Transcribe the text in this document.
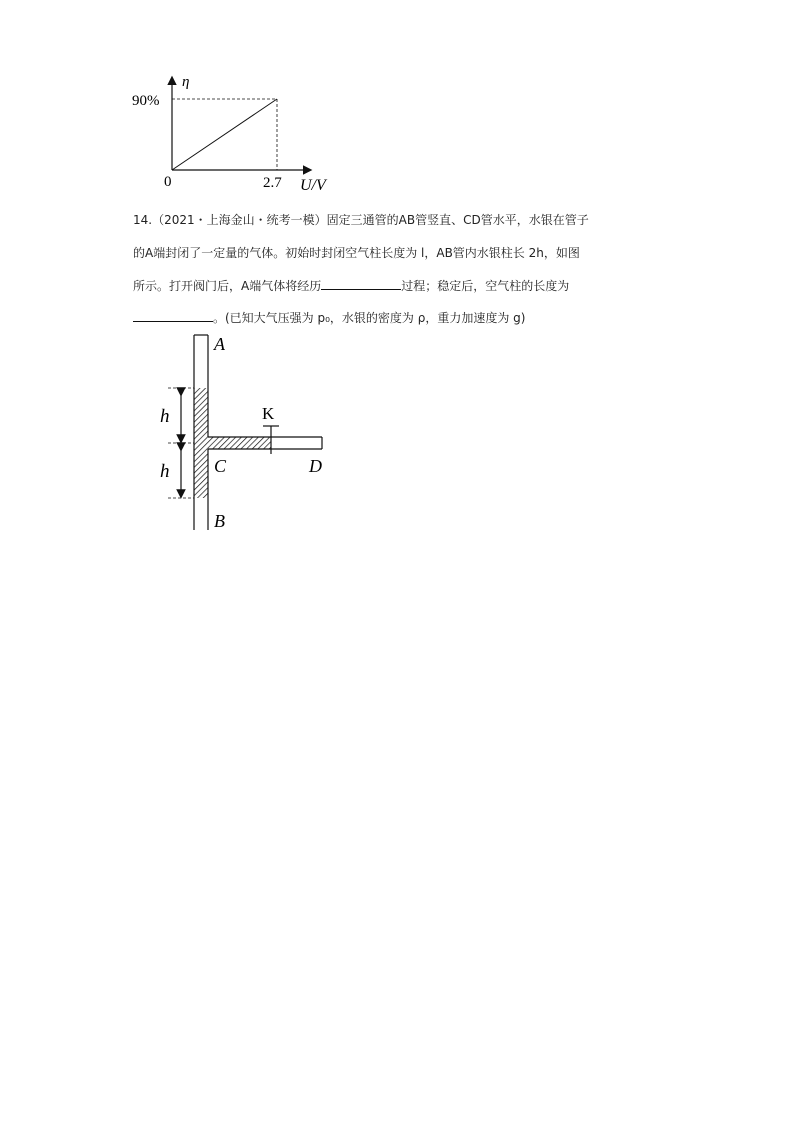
η
90%
0	2.7 U/V
14.（2021・上海金山・统考一模）固定三通管的AB管竖直、CD管水平，水银在管子
的A端封闭了一定量的气体。初始时封闭空气柱长度为 l，AB管内水银柱长 2h，如图
所示。打开阀门后，A端气体将经历	过程；稳定后，空气柱的长度为
。(已知大气压强为 p₀，水银的密度为 ρ，重力加速度为 g)
A
B
C	D
K
h
h
